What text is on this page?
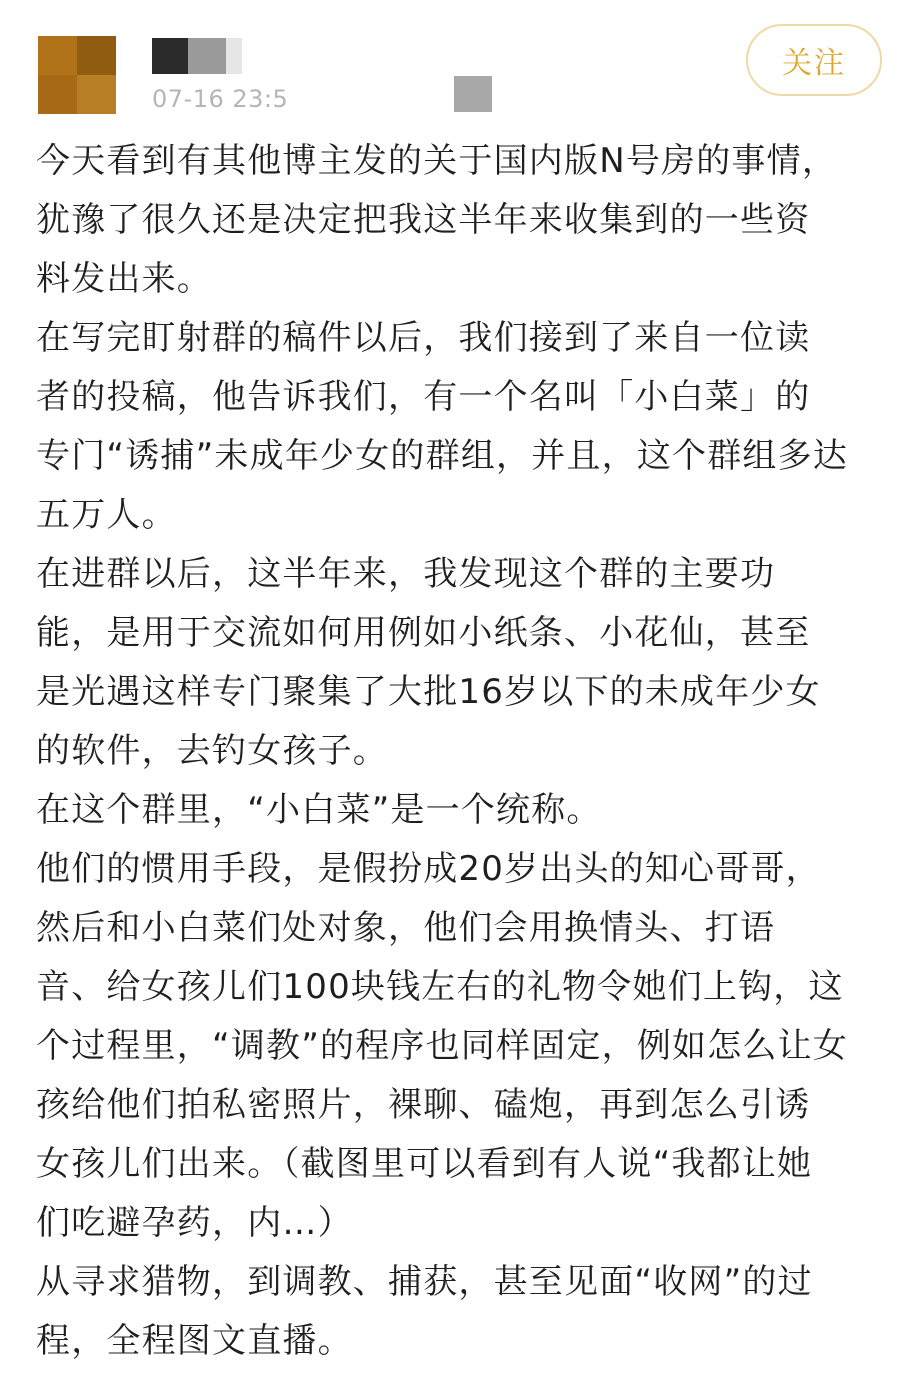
07-16 23:5
关注
今天看到有其他博主发的关于国内版N号房的事情，
犹豫了很久还是决定把我这半年来收集到的一些资
料发出来。
在写完盯射群的稿件以后，我们接到了来自一位读
者的投稿，他告诉我们，有一个名叫「小白菜」的
专门“诱捕”未成年少女的群组，并且，这个群组多达
五万人。
在进群以后，这半年来，我发现这个群的主要功
能，是用于交流如何用例如小纸条、小花仙，甚至
是光遇这样专门聚集了大批16岁以下的未成年少女
的软件，去钓女孩子。
在这个群里，“小白菜”是一个统称。
他们的惯用手段，是假扮成20岁出头的知心哥哥，
然后和小白菜们处对象，他们会用换情头、打语
音、给女孩儿们100块钱左右的礼物令她们上钩，这
个过程里，“调教”的程序也同样固定，例如怎么让女
孩给他们拍私密照片，裸聊、磕炮，再到怎么引诱
女孩儿们出来。（截图里可以看到有人说“我都让她
们吃避孕药，内…）
从寻求猎物，到调教、捕获，甚至见面“收网”的过
程，全程图文直播。
